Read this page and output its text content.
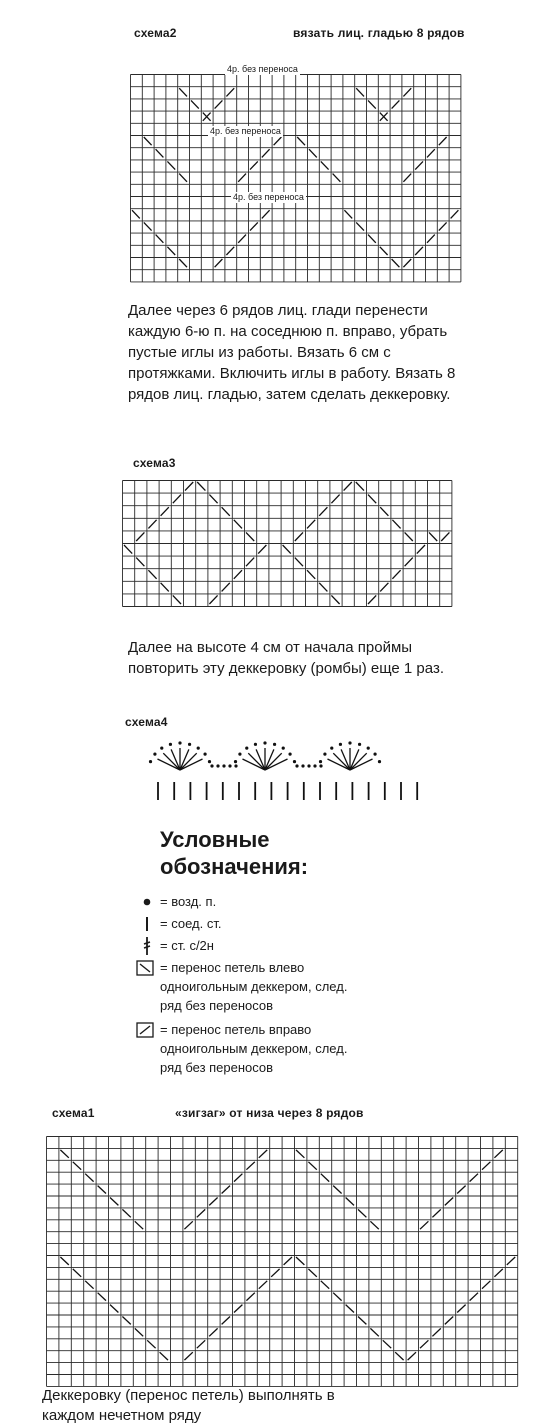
схема2	вязать лиц. гладью 8 рядов
4р. без переноса
4р. без переноса
4р. без переноса
Далее через 6 рядов лиц. глади перенести каждую 6-ю п. на соседнюю п. вправо, убрать пустые иглы из работы. Вязать 6 см с протяжками. Включить иглы в работу. Вязать 8 рядов лиц. гладью, затем сделать деккеровку.
схема3
Далее на высоте 4 см от начала проймы повторить эту деккеровку (ромбы) еще 1 раз.
схема4
Условные
обозначения:
= возд. п.
= соед. ст.
= ст. с/2н
= перенос петель влево
одноигольным деккером, след.
ряд без переносов
= перенос петель вправо
одноигольным деккером, след.
ряд без переносов
схема1	«зигзаг» от низа через 8 рядов
Деккеровку (перенос петель) выполнять в каждом нечетном ряду
